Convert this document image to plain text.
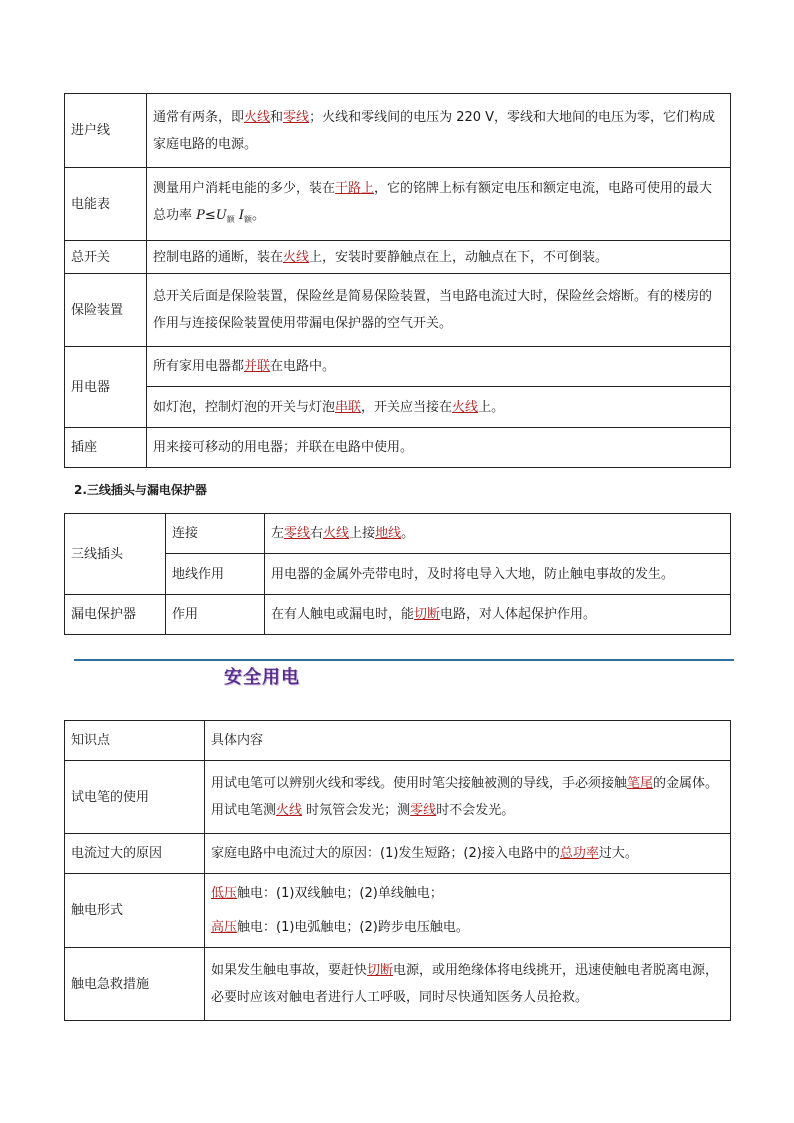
进户线	通常有两条，即火线和零线；火线和零线间的电压为 220 V，零线和大地间的电压为零，它们构成家庭电路的电源。
电能表	测量用户消耗电能的多少，装在干路上，它的铭牌上标有额定电压和额定电流，电路可使用的最大总功率 $P\le U_额$ $I_额$。
总开关	控制电路的通断，装在火线上，安装时要静触点在上，动触点在下，不可倒装。
保险装置	总开关后面是保险装置，保险丝是简易保险装置，当电路电流过大时，保险丝会熔断。有的楼房的作用与连接保险装置使用带漏电保护器的空气开关。
用电器	所有家用电器都并联在电路中。
	如灯泡，控制灯泡的开关与灯泡串联，开关应当接在火线上。
插座	用来接可移动的用电器；并联在电路中使用。
2.三线插头与漏电保护器
三线插头	连接	左零线右火线上接地线。
	地线作用	用电器的金属外壳带电时，及时将电导入大地，防止触电事故的发生。
漏电保护器	作用	在有人触电或漏电时，能切断电路，对人体起保护作用。
安全用电
知识点	具体内容
试电笔的使用	用试电笔可以辨别火线和零线。使用时笔尖接触被测的导线，手必须接触笔尾的金属体。用试电笔测火线 时氖管会发光；测零线时不会发光。
电流过大的原因	家庭电路中电流过大的原因：(1)发生短路；(2)接入电路中的总功率过大。
触电形式	低压触电：(1)双线触电；(2)单线触电；
高压触电：(1)电弧触电；(2)跨步电压触电。

触电急救措施	如果发生触电事故，要赶快切断电源，或用绝缘体将电线挑开，迅速使触电者脱离电源，必要时应该对触电者进行人工呼吸，同时尽快通知医务人员抢救。
